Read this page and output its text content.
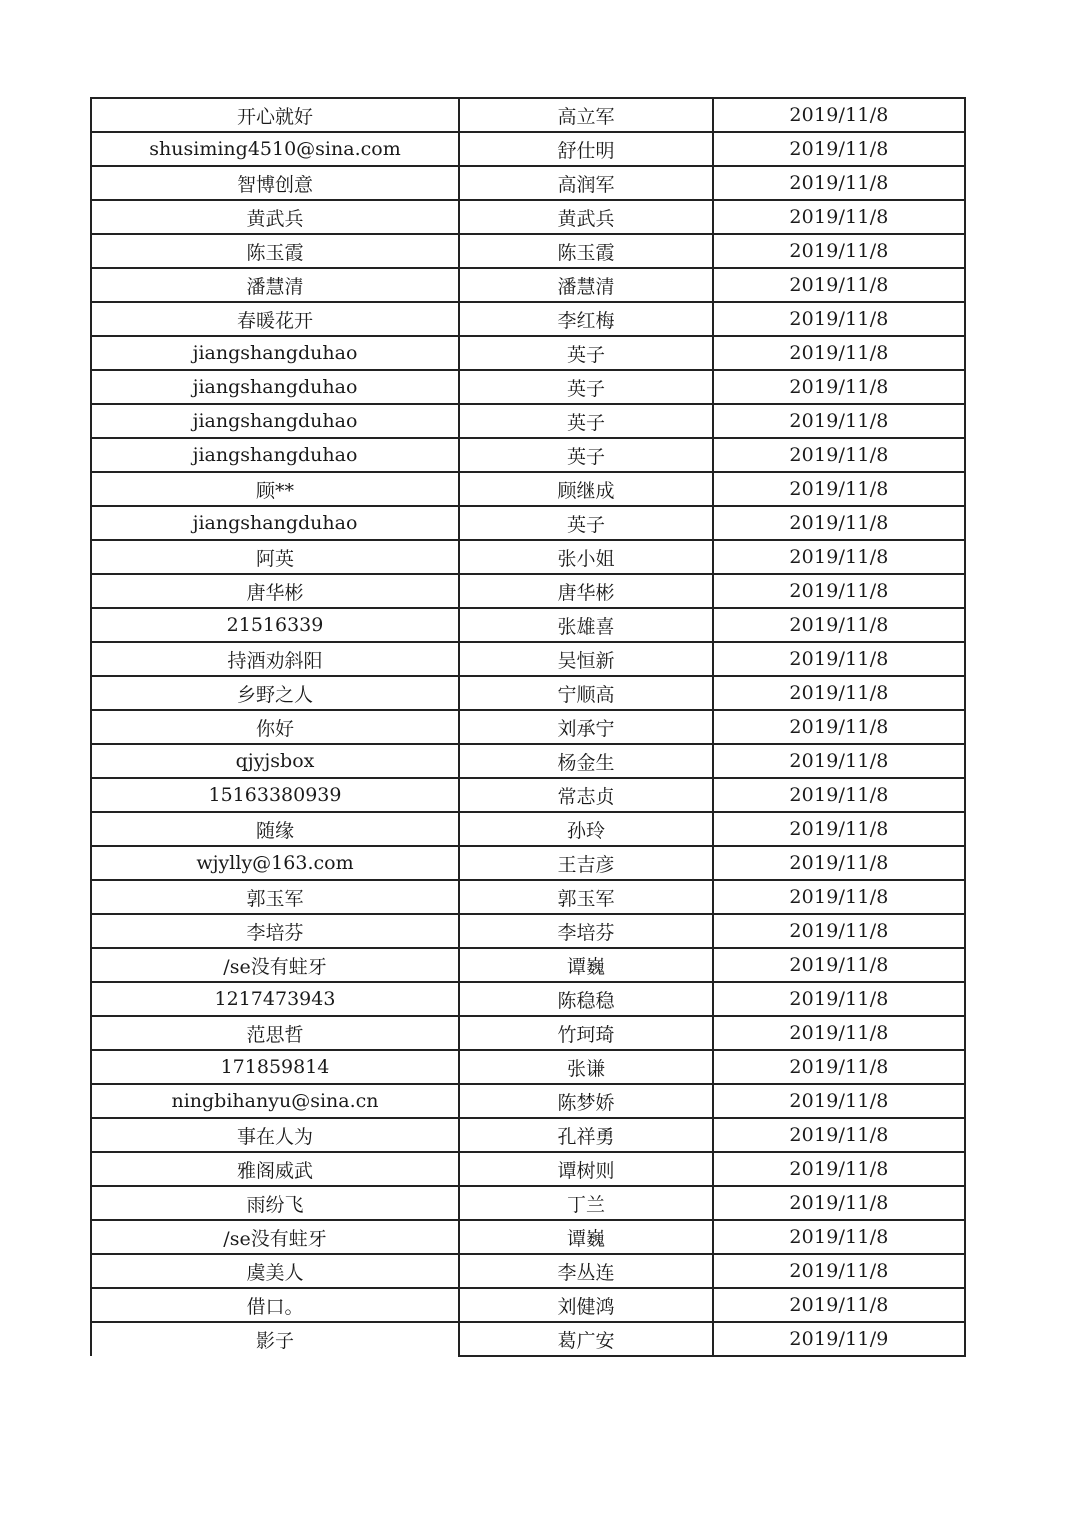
开心就好	高立军	2019/11/8
shusiming4510@sina.com	舒仕明	2019/11/8
智博创意	高润军	2019/11/8
黄武兵	黄武兵	2019/11/8
陈玉霞	陈玉霞	2019/11/8
潘慧清	潘慧清	2019/11/8
春暖花开	李红梅	2019/11/8
jiangshangduhao	英子	2019/11/8
jiangshangduhao	英子	2019/11/8
jiangshangduhao	英子	2019/11/8
jiangshangduhao	英子	2019/11/8
顾**	顾继成	2019/11/8
jiangshangduhao	英子	2019/11/8
阿英	张小姐	2019/11/8
唐华彬	唐华彬	2019/11/8
21516339	张雄喜	2019/11/8
持酒劝斜阳	吴恒新	2019/11/8
乡野之人	宁顺高	2019/11/8
你好	刘承宁	2019/11/8
qjyjsbox	杨金生	2019/11/8
15163380939	常志贞	2019/11/8
随缘	孙玲	2019/11/8
wjylly@163.com	王吉彦	2019/11/8
郭玉军	郭玉军	2019/11/8
李培芬	李培芬	2019/11/8
/se没有蛀牙	谭巍	2019/11/8
1217473943	陈稳稳	2019/11/8
范思哲	竹珂琦	2019/11/8
171859814	张谦	2019/11/8
ningbihanyu@sina.cn	陈梦娇	2019/11/8
事在人为	孔祥勇	2019/11/8
雅阁威武	谭树则	2019/11/8
雨纷飞	丁兰	2019/11/8
/se没有蛀牙	谭巍	2019/11/8
虞美人	李丛连	2019/11/8
借口。	刘健鸿	2019/11/8
影子	葛广安	2019/11/9
